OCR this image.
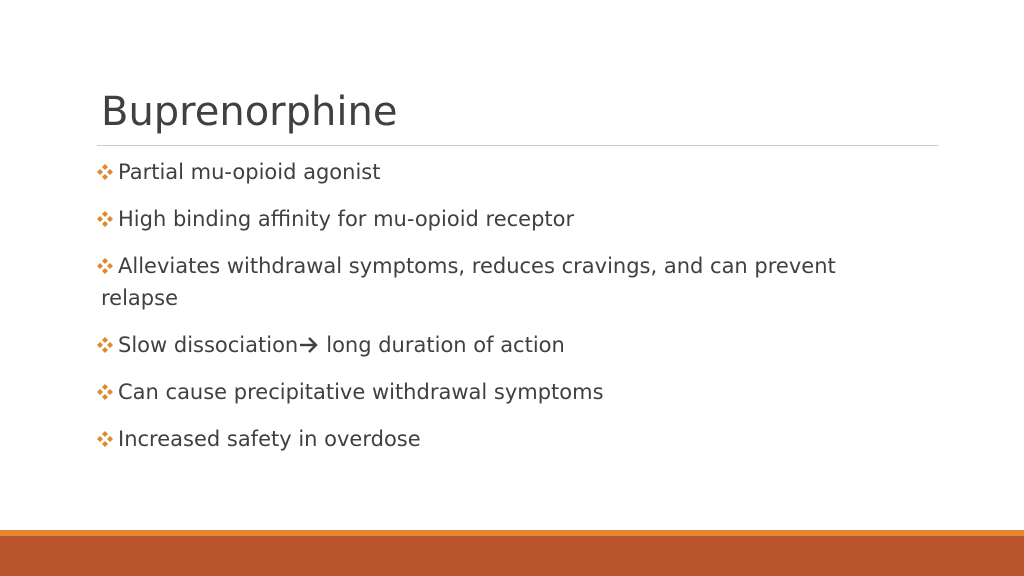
Buprenorphine
Partial mu-opioid agonist
High binding affinity for mu-opioid receptor
Alleviates withdrawal symptoms, reduces cravings, and can prevent
relapse
Slow dissociation long duration of action
Can cause precipitative withdrawal symptoms
Increased safety in overdose
